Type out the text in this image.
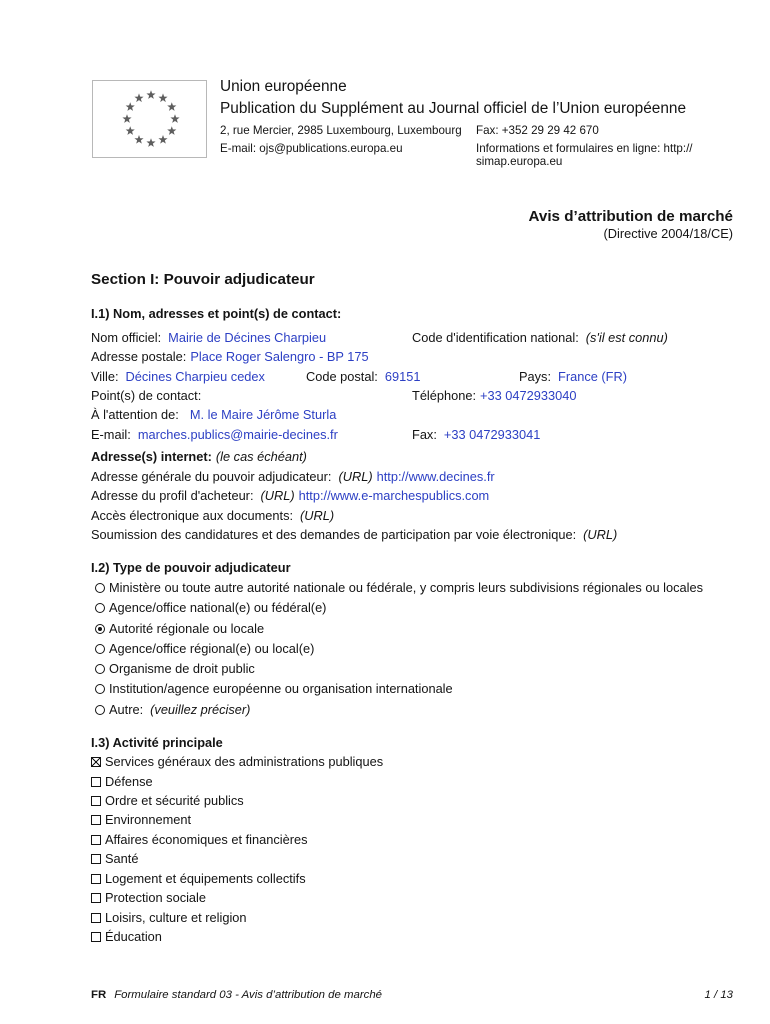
Union européenne
Publication du Supplément au Journal officiel de l’Union européenne
2, rue Mercier, 2985 Luxembourg, Luxembourg Fax: +352 29 29 42 670
E-mail: ojs@publications.europa.eu	Informations et formulaires en ligne: http://
simap.europa.eu
Avis d’attribution de marché
(Directive 2004/18/CE)
Section I: Pouvoir adjudicateur
I.1) Nom, adresses et point(s) de contact:
Nom officiel: Mairie de Décines Charpieu	Code d'identification national: (s'il est connu)
Adresse postale: Place Roger Salengro - BP 175
Ville: Décines Charpieu cedex	Code postal: 69151	Pays: France (FR)
Point(s) de contact:	Téléphone: +33 0472933040
À l'attention de: M. le Maire Jérôme Sturla
E-mail: marches.publics@mairie-decines.fr	Fax: +33 0472933041
Adresse(s) internet: (le cas échéant)
Adresse générale du pouvoir adjudicateur: (URL) http://www.decines.fr
Adresse du profil d'acheteur: (URL) http://www.e-marchespublics.com
Accès électronique aux documents: (URL)
Soumission des candidatures et des demandes de participation par voie électronique: (URL)
I.2) Type de pouvoir adjudicateur
Ministère ou toute autre autorité nationale ou fédérale, y compris leurs subdivisions régionales ou locales
Agence/office national(e) ou fédéral(e)
Autorité régionale ou locale
Agence/office régional(e) ou local(e)
Organisme de droit public
Institution/agence européenne ou organisation internationale
Autre: (veuillez préciser)
I.3) Activité principale
Services généraux des administrations publiques
Défense
Ordre et sécurité publics
Environnement
Affaires économiques et financières
Santé
Logement et équipements collectifs
Protection sociale
Loisirs, culture et religion
Éducation
FR Formulaire standard 03 - Avis d’attribution de marché	1 / 13
